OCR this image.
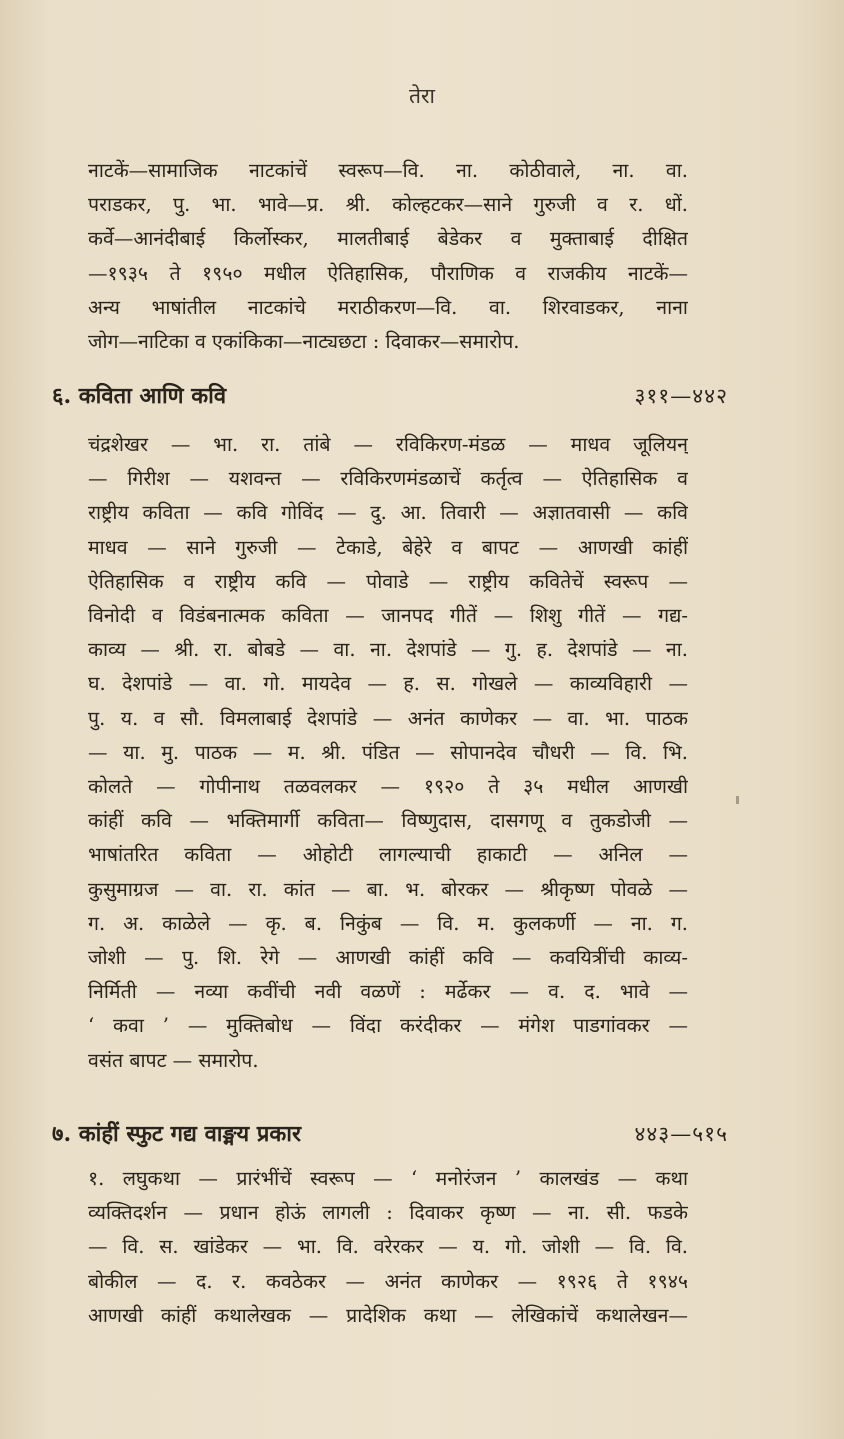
तेरा
नाटकें—सामाजिक नाटकांचें स्वरूप—वि. ना. कोठीवाले, ना. वा.
पराडकर, पु. भा. भावे—प्र. श्री. कोल्हटकर—साने गुरुजी व र. धों.
कर्वे—आनंदीबाई किर्लोस्कर, मालतीबाई बेडेकर व मुक्ताबाई दीक्षित
—१९३५ ते १९५० मधील ऐतिहासिक, पौराणिक व राजकीय नाटकें—
अन्य भाषांतील नाटकांचे मराठीकरण—वि. वा. शिरवाडकर, नाना
जोग—नाटिका व एकांकिका—नाट्यछटा : दिवाकर—समारोप.
६. कविता आणि कवि	३११—४४२
चंद्रशेखर — भा. रा. तांबे — रविकिरण-मंडळ — माधव जूलियन्
— गिरीश — यशवन्त — रविकिरणमंडळाचें कर्तृत्व — ऐतिहासिक व
राष्ट्रीय कविता — कवि गोविंद — दु. आ. तिवारी — अज्ञातवासी — कवि
माधव — साने गुरुजी — टेकाडे, बेहेरे व बापट — आणखी कांहीं
ऐतिहासिक व राष्ट्रीय कवि — पोवाडे — राष्ट्रीय कवितेचें स्वरूप —
विनोदी व विडंबनात्मक कविता — जानपद गीतें — शिशु गीतें — गद्य-
काव्य — श्री. रा. बोबडे — वा. ना. देशपांडे — गु. ह. देशपांडे — ना.
घ. देशपांडे — वा. गो. मायदेव — ह. स. गोखले — काव्यविहारी —
पु. य. व सौ. विमलाबाई देशपांडे — अनंत काणेकर — वा. भा. पाठक
— या. मु. पाठक — म. श्री. पंडित — सोपानदेव चौधरी — वि. भि.
कोलते — गोपीनाथ तळवलकर — १९२० ते ३५ मधील आणखी
कांहीं कवि — भक्तिमार्गी कविता— विष्णुदास, दासगणू व तुकडोजी —
भाषांतरित कविता — ओहोटी लागल्याची हाकाटी — अनिल —
कुसुमाग्रज — वा. रा. कांत — बा. भ. बोरकर — श्रीकृष्ण पोवळे —
ग. अ. काळेले — कृ. ब. निकुंब — वि. म. कुलकर्णी — ना. ग.
जोशी — पु. शि. रेगे — आणखी कांहीं कवि — कवयित्रींची काव्य-
निर्मिती — नव्या कवींची नवी वळणें : मर्ढेकर — व. द. भावे —
‘ कवा ’ — मुक्तिबोध — विंदा करंदीकर — मंगेश पाडगांवकर —
वसंत बापट — समारोप.
७. कांहीं स्फुट गद्य वाङ्मय प्रकार	४४३—५१५
१. लघुकथा — प्रारंभींचें स्वरूप — ‘ मनोरंजन ’ कालखंड — कथा
व्यक्तिदर्शन — प्रधान होऊं लागली : दिवाकर कृष्ण — ना. सी. फडके
— वि. स. खांडेकर — भा. वि. वरेरकर — य. गो. जोशी — वि. वि.
बोकील — द. र. कवठेकर — अनंत काणेकर — १९२६ ते १९४५
आणखी कांहीं कथालेखक — प्रादेशिक कथा — लेखिकांचें कथालेखन—
